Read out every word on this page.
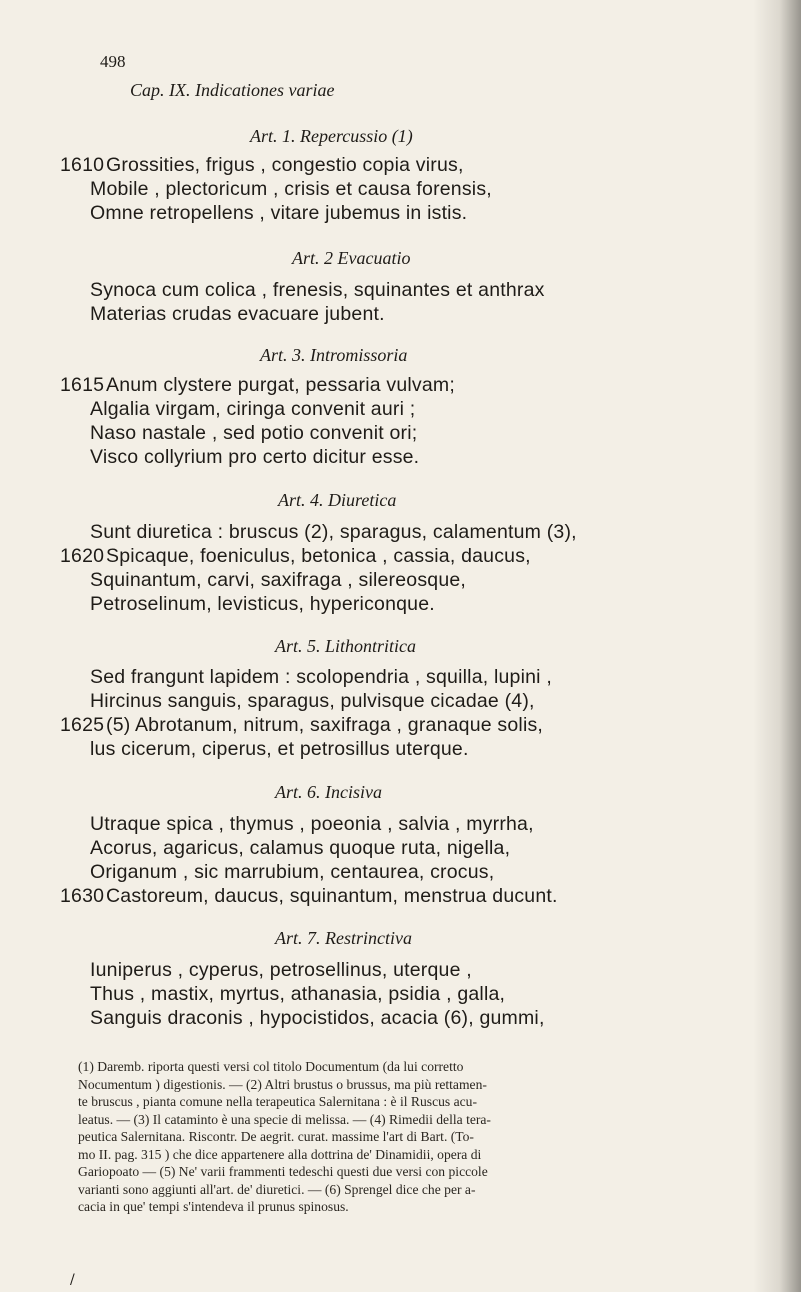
498
Cap. IX. Indicationes variae
Art. 1. Repercussio (1)
1610 Grossities, frigus , congestio copia virus,
Mobile , plectoricum , crisis et causa forensis,
Omne retropellens , vitare jubemus in istis.
Art. 2 Evacuatio
Synoca cum colica , frenesis, squinantes et anthrax
Materias crudas evacuare jubent.
Art. 3. Intromissoria
1615 Anum clystere purgat, pessaria vulvam;
Algalia virgam, ciringa convenit auri ;
Naso nastale , sed potio convenit ori;
Visco collyrium pro certo dicitur esse.
Art. 4. Diuretica
Sunt diuretica : bruscus (2), sparagus, calamentum (3),
1620 Spicaque, foeniculus, betonica , cassia, daucus,
Squinantum, carvi, saxifraga , silereosque,
Petroselinum, levisticus, hypericonque.
Art. 5. Lithontritica
Sed frangunt lapidem : scolopendria , squilla, lupini ,
Hircinus sanguis, sparagus, pulvisque cicadae (4),
1625 (5) Abrotanum, nitrum, saxifraga , granaque solis,
lus cicerum, ciperus, et petrosillus uterque.
Art. 6. Incisiva
Utraque spica , thymus , poeonia , salvia , myrrha,
Acorus, agaricus, calamus quoque ruta, nigella,
Origanum , sic marrubium, centaurea, crocus,
1630 Castoreum, daucus, squinantum, menstrua ducunt.
Art. 7. Restrinctiva
Iuniperus , cyperus, petrosellinus, uterque ,
Thus , mastix, myrtus, athanasia, psidia , galla,
Sanguis draconis , hypocistidos, acacia (6), gummi,
(1) Daremb. riporta questi versi col titolo Documentum (da lui corretto
Nocumentum ) digestionis. — (2) Altri brustus o brussus, ma più rettamen-
te bruscus , pianta comune nella terapeutica Salernitana : è il Ruscus acu-
leatus. — (3) Il cataminto è una specie di melissa. — (4) Rimedii della tera-
peutica Salernitana. Riscontr. De aegrit. curat. massime l'art di Bart. (To-
mo II. pag. 315 ) che dice appartenere alla dottrina de' Dinamidii, opera di
Gariopoato — (5) Ne' varii frammenti tedeschi questi due versi con piccole
varianti sono aggiunti all'art. de' diuretici. — (6) Sprengel dice che per a-
cacia in que' tempi s'intendeva il prunus spinosus.
/
